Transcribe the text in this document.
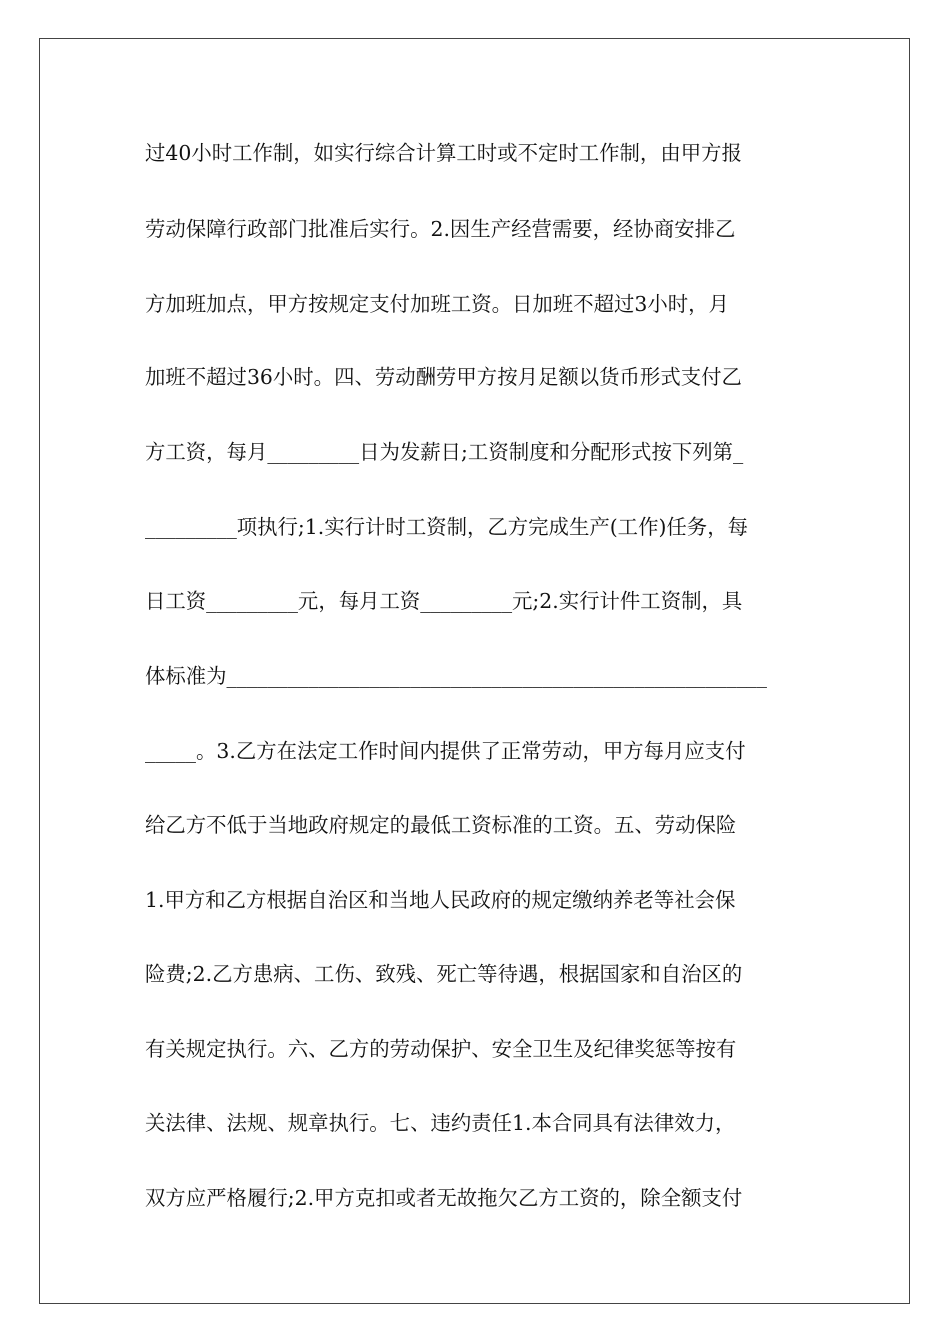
过40小时工作制，如实行综合计算工时或不定时工作制，由甲方报
劳动保障行政部门批准后实行。2.因生产经营需要，经协商安排乙
方加班加点，甲方按规定支付加班工资。日加班不超过3小时，月
加班不超过36小时。四、劳动酬劳甲方按月足额以货币形式支付乙
方工资，每月_________日为发薪日;工资制度和分配形式按下列第_
_________项执行;1.实行计时工资制，乙方完成生产(工作)任务，每
日工资_________元，每月工资_________元;2.实行计件工资制，具
体标准为_____________________________________________________
_____。3.乙方在法定工作时间内提供了正常劳动，甲方每月应支付
给乙方不低于当地政府规定的最低工资标准的工资。五、劳动保险
1.甲方和乙方根据自治区和当地人民政府的规定缴纳养老等社会保
险费;2.乙方患病、工伤、致残、死亡等待遇，根据国家和自治区的
有关规定执行。六、乙方的劳动保护、安全卫生及纪律奖惩等按有
关法律、法规、规章执行。七、违约责任1.本合同具有法律效力，
双方应严格履行;2.甲方克扣或者无故拖欠乙方工资的，除全额支付
